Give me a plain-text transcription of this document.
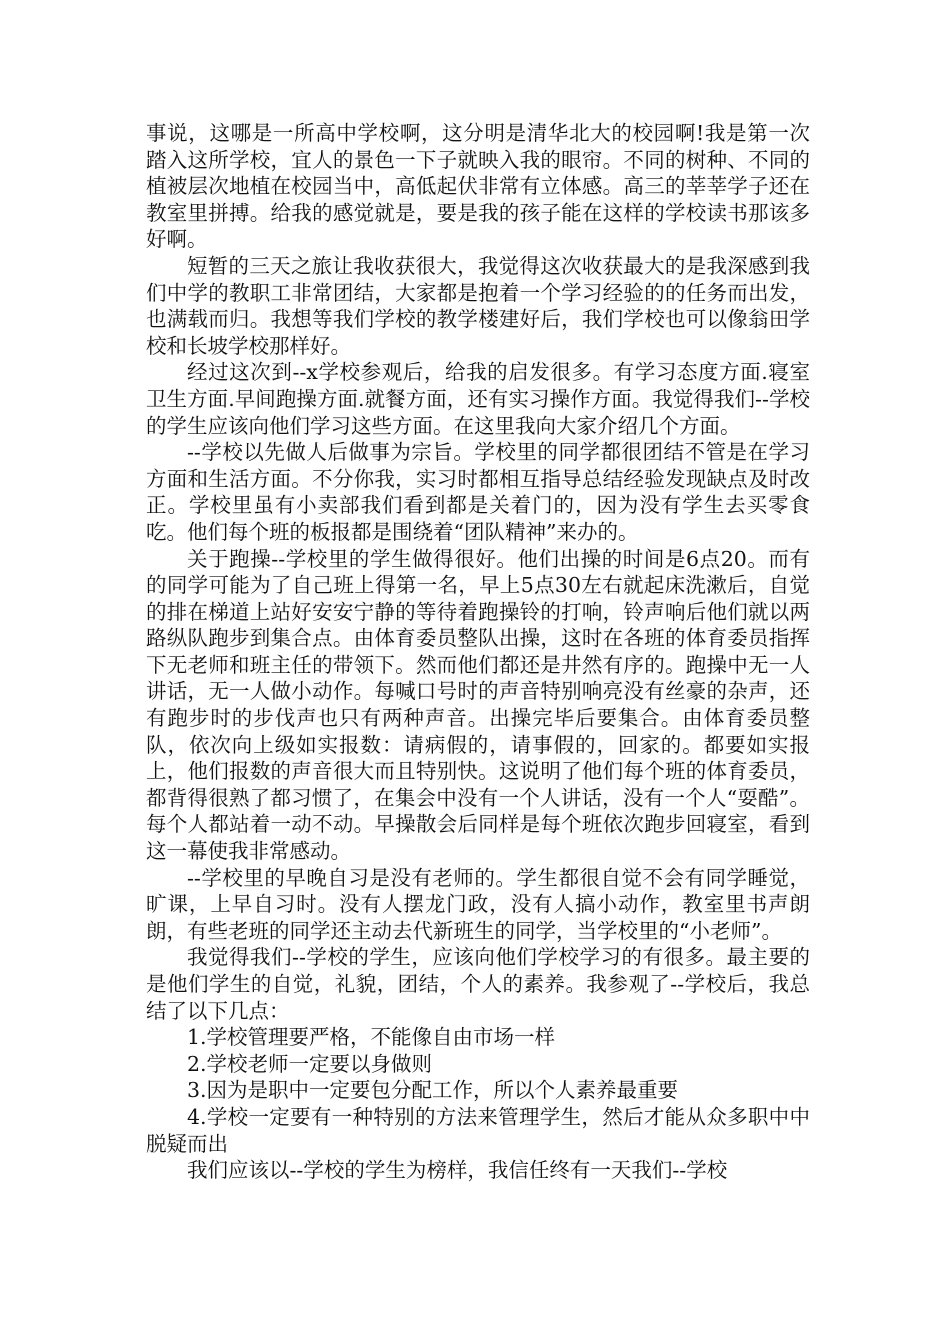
事说，这哪是一所高中学校啊，这分明是清华北大的校园啊!我是第一次踏入这所学校，宜人的景色一下子就映入我的眼帘。不同的树种、不同的植被层次地植在校园当中，高低起伏非常有立体感。高三的莘莘学子还在教室里拼搏。给我的感觉就是，要是我的孩子能在这样的学校读书那该多好啊。

短暂的三天之旅让我收获很大，我觉得这次收获最大的是我深感到我们中学的教职工非常团结，大家都是抱着一个学习经验的的任务而出发，也满载而归。我想等我们学校的教学楼建好后，我们学校也可以像翁田学校和长坡学校那样好。

经过这次到--x学校参观后，给我的启发很多。有学习态度方面.寝室卫生方面.早间跑操方面.就餐方面，还有实习操作方面。我觉得我们--学校的学生应该向他们学习这些方面。在这里我向大家介绍几个方面。

--学校以先做人后做事为宗旨。学校里的同学都很团结不管是在学习方面和生活方面。不分你我，实习时都相互指导总结经验发现缺点及时改正。学校里虽有小卖部我们看到都是关着门的，因为没有学生去买零食吃。他们每个班的板报都是围绕着“团队精神”来办的。

关于跑操--学校里的学生做得很好。他们出操的时间是6点20。而有的同学可能为了自己班上得第一名，早上5点30左右就起床洗漱后，自觉的排在梯道上站好安安宁静的等待着跑操铃的打响，铃声响后他们就以两路纵队跑步到集合点。由体育委员整队出操，这时在各班的体育委员指挥下无老师和班主任的带领下。然而他们都还是井然有序的。跑操中无一人讲话，无一人做小动作。每喊口号时的声音特别响亮没有丝豪的杂声，还有跑步时的步伐声也只有两种声音。出操完毕后要集合。由体育委员整队，依次向上级如实报数：请病假的，请事假的，回家的。都要如实报上，他们报数的声音很大而且特别快。这说明了他们每个班的体育委员，都背得很熟了都习惯了，在集会中没有一个人讲话，没有一个人“耍酷”。每个人都站着一动不动。早操散会后同样是每个班依次跑步回寝室，看到这一幕使我非常感动。

--学校里的早晚自习是没有老师的。学生都很自觉不会有同学睡觉，旷课，上早自习时。没有人摆龙门政，没有人搞小动作，教室里书声朗朗，有些老班的同学还主动去代新班生的同学，当学校里的“小老师”。

我觉得我们--学校的学生，应该向他们学校学习的有很多。最主要的是他们学生的自觉，礼貌，团结，个人的素养。我参观了--学校后，我总结了以下几点：

1.学校管理要严格，不能像自由市场一样

2.学校老师一定要以身做则

3.因为是职中一定要包分配工作，所以个人素养最重要

4.学校一定要有一种特别的方法来管理学生，然后才能从众多职中中脱疑而出

我们应该以--学校的学生为榜样，我信任终有一天我们--学校
